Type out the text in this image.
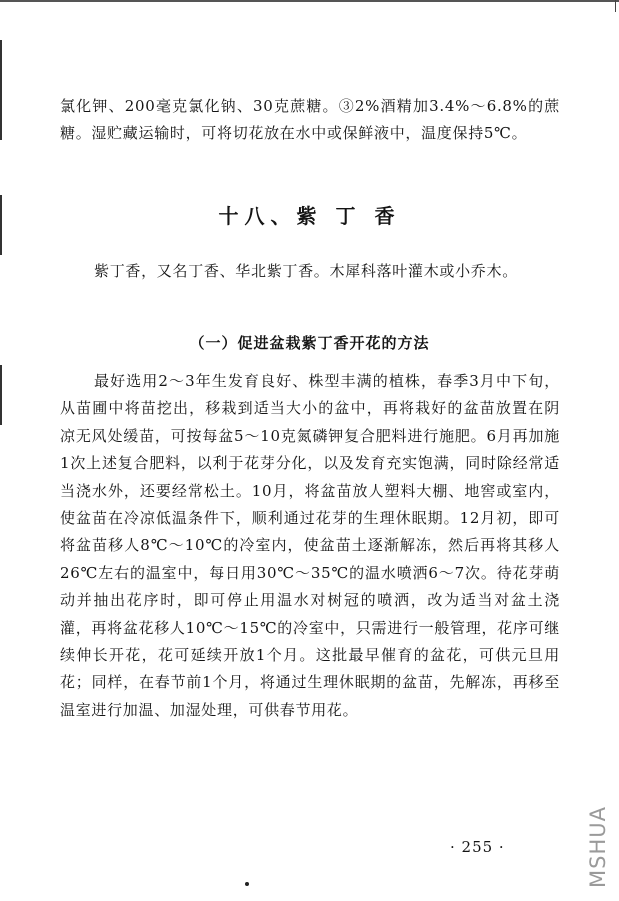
氯化钾、200毫克氯化钠、30克蔗糖。③2%酒精加3.4%～6.8%的蔗糖。湿贮藏运输时，可将切花放在水中或保鲜液中，温度保持5℃。

十八、紫 丁 香

紫丁香，又名丁香、华北紫丁香。木犀科落叶灌木或小乔木。

（一）促进盆栽紫丁香开花的方法

最好选用2～3年生发育良好、株型丰满的植株，春季3月中下旬，从苗圃中将苗挖出，移栽到适当大小的盆中，再将栽好的盆苗放置在阴凉无风处缓苗，可按每盆5～10克氮磷钾复合肥料进行施肥。6月再加施1次上述复合肥料，以利于花芽分化，以及发育充实饱满，同时除经常适当浇水外，还要经常松土。10月，将盆苗放人塑料大棚、地窖或室内，使盆苗在冷凉低温条件下，顺利通过花芽的生理休眠期。12月初，即可将盆苗移人8℃～10℃的冷室内，使盆苗土逐渐解冻，然后再将其移人26℃左右的温室中，每日用30℃～35℃的温水喷洒6～7次。待花芽萌动并抽出花序时，即可停止用温水对树冠的喷洒，改为适当对盆土浇灌，再将盆花移人10℃～15℃的冷室中，只需进行一般管理，花序可继续伸长开花，花可延续开放1个月。这批最早催育的盆花，可供元旦用花；同样，在春节前1个月，将通过生理休眠期的盆苗，先解冻，再移至温室进行加温、加湿处理，可供春节用花。

· 255 ·	MSHUA
